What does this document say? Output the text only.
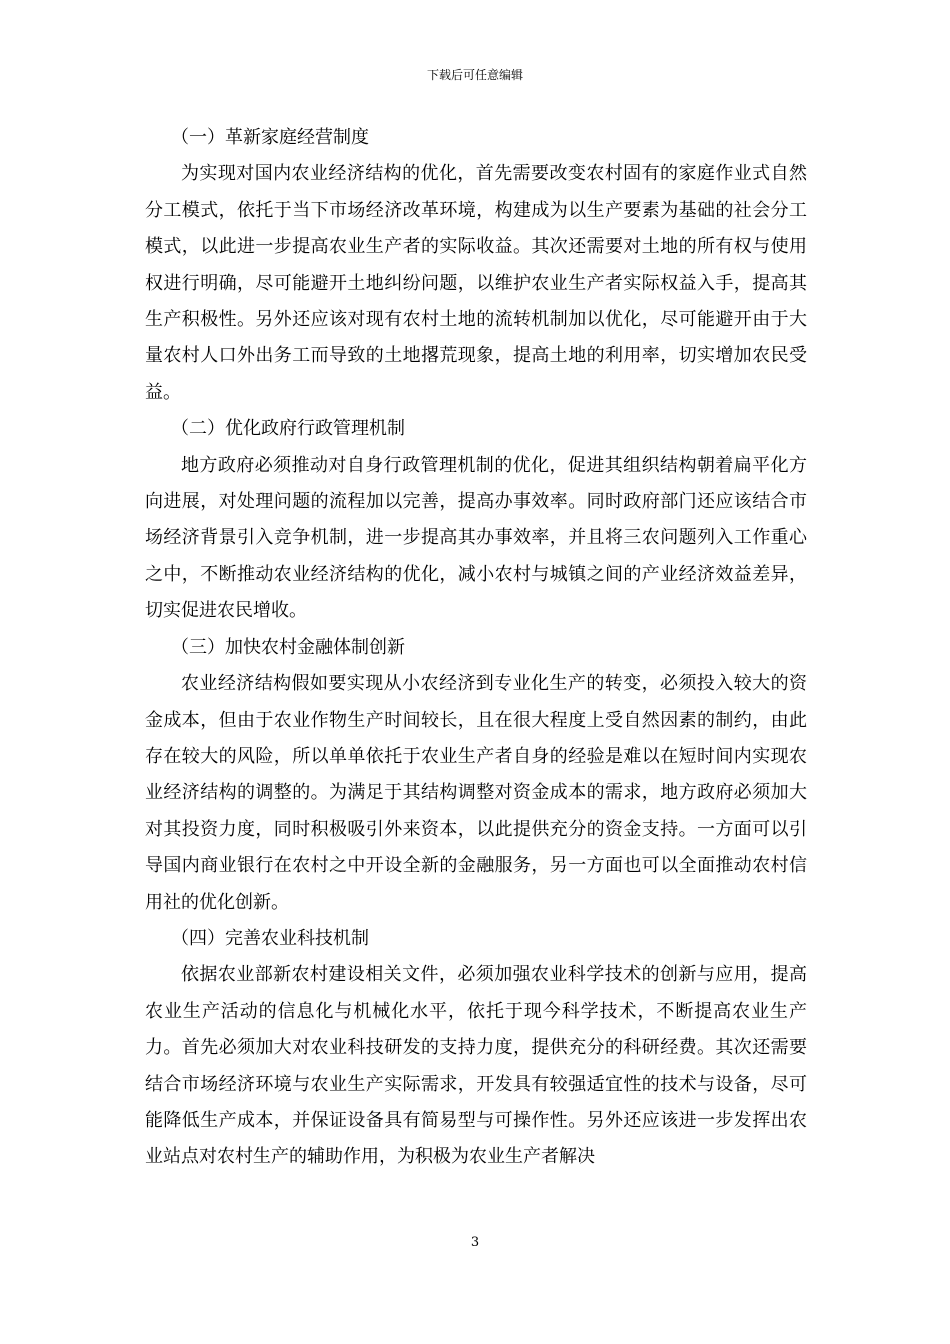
下载后可任意编辑

（一）革新家庭经营制度

为实现对国内农业经济结构的优化，首先需要改变农村固有的家庭作业式自然分工模式，依托于当下市场经济改革环境，构建成为以生产要素为基础的社会分工模式，以此进一步提高农业生产者的实际收益。其次还需要对土地的所有权与使用权进行明确，尽可能避开土地纠纷问题，以维护农业生产者实际权益入手，提高其生产积极性。另外还应该对现有农村土地的流转机制加以优化，尽可能避开由于大量农村人口外出务工而导致的土地撂荒现象，提高土地的利用率，切实增加农民受益。

（二）优化政府行政管理机制

地方政府必须推动对自身行政管理机制的优化，促进其组织结构朝着扁平化方向进展，对处理问题的流程加以完善，提高办事效率。同时政府部门还应该结合市场经济背景引入竞争机制，进一步提高其办事效率，并且将三农问题列入工作重心之中，不断推动农业经济结构的优化，减小农村与城镇之间的产业经济效益差异，切实促进农民增收。

（三）加快农村金融体制创新

农业经济结构假如要实现从小农经济到专业化生产的转变，必须投入较大的资金成本，但由于农业作物生产时间较长，且在很大程度上受自然因素的制约，由此存在较大的风险，所以单单依托于农业生产者自身的经验是难以在短时间内实现农业经济结构的调整的。为满足于其结构调整对资金成本的需求，地方政府必须加大对其投资力度，同时积极吸引外来资本，以此提供充分的资金支持。一方面可以引导国内商业银行在农村之中开设全新的金融服务，另一方面也可以全面推动农村信用社的优化创新。

（四）完善农业科技机制

依据农业部新农村建设相关文件，必须加强农业科学技术的创新与应用，提高农业生产活动的信息化与机械化水平，依托于现今科学技术，不断提高农业生产力。首先必须加大对农业科技研发的支持力度，提供充分的科研经费。其次还需要结合市场经济环境与农业生产实际需求，开发具有较强适宜性的技术与设备，尽可能降低生产成本，并保证设备具有简易型与可操作性。另外还应该进一步发挥出农业站点对农村生产的辅助作用，为积极为农业生产者解决

3
